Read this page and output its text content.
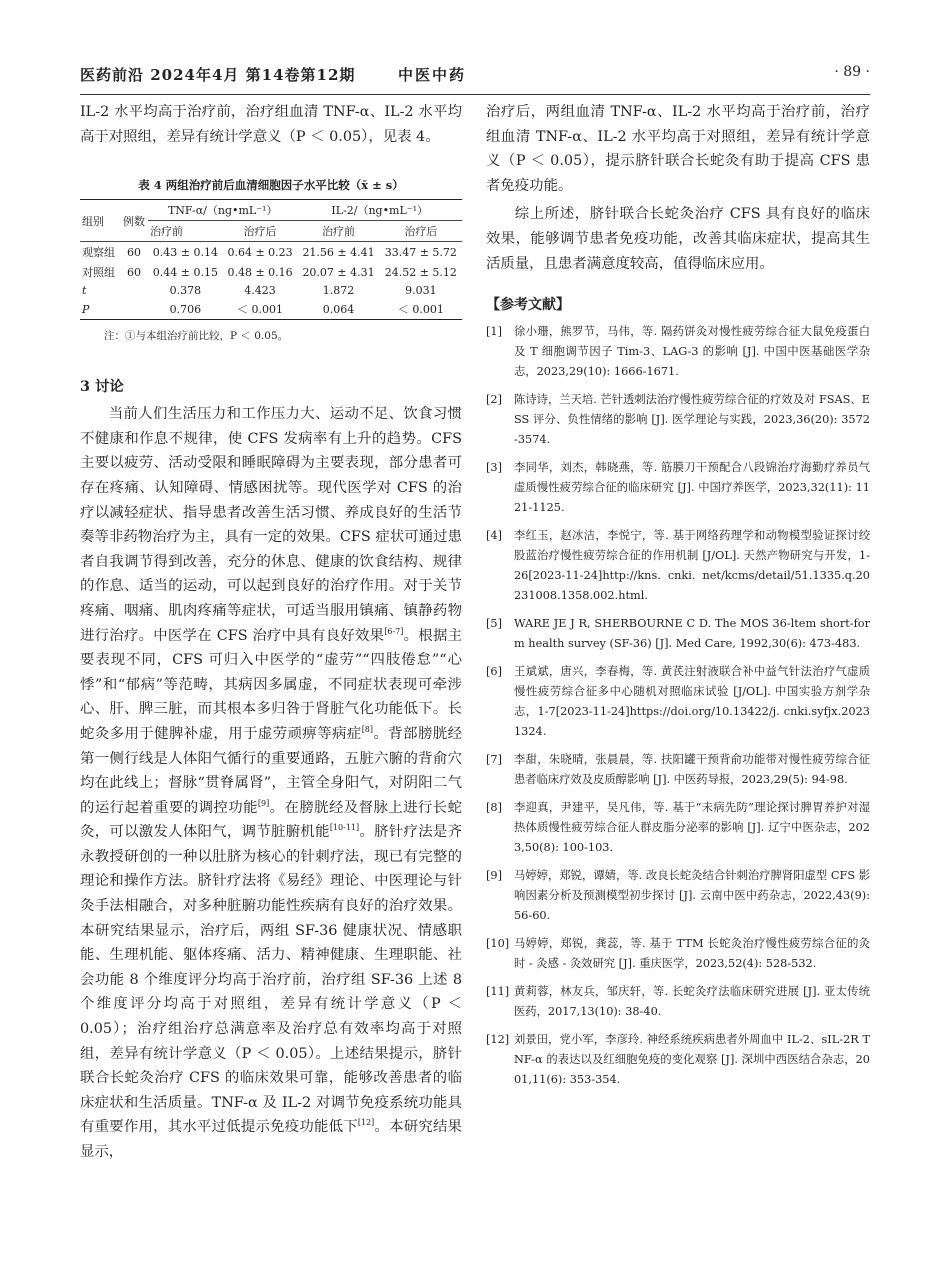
医药前沿 2024年4月 第14卷第12期	中医中药	· 89 ·

IL-2 水平均高于治疗前，治疗组血清 TNF-α、IL-2 水平均高于对照组，差异有统计学意义（P ＜ 0.05），见表 4。

表 4 两组治疗前后血清细胞因子水平比较（x̄ ± s）
组别	例数	TNF-α/（ng•mL⁻¹）		IL-2/（ng•mL⁻¹）	
		治疗前	治疗后	治疗前	治疗后
观察组	60	0.43 ± 0.14	0.64 ± 0.23	21.56 ± 4.41	33.47 ± 5.72
对照组	60	0.44 ± 0.15	0.48 ± 0.16	20.07 ± 4.31	24.52 ± 5.12
t		0.378	4.423	1.872	9.031
P		0.706	＜ 0.001	0.064	＜ 0.001
注：①与本组治疗前比较，P ＜ 0.05。
3 讨论

当前人们生活压力和工作压力大、运动不足、饮食习惯不健康和作息不规律，使 CFS 发病率有上升的趋势。CFS 主要以疲劳、活动受限和睡眠障碍为主要表现，部分患者可存在疼痛、认知障碍、情感困扰等。现代医学对 CFS 的治疗以减轻症状、指导患者改善生活习惯、养成良好的生活节奏等非药物治疗为主，具有一定的效果。CFS 症状可通过患者自我调节得到改善，充分的休息、健康的饮食结构、规律的作息、适当的运动，可以起到良好的治疗作用。对于关节疼痛、咽痛、肌肉疼痛等症状，可适当服用镇痛、镇静药物进行治疗。中医学在 CFS 治疗中具有良好效果[6-7]。根据主要表现不同，CFS 可归入中医学的“虚劳”“四肢倦怠”“心悸”和“郁病”等范畴，其病因多属虚，不同症状表现可牵涉心、肝、脾三脏，而其根本多归咎于肾脏气化功能低下。长蛇灸多用于健脾补虚，用于虚劳顽痹等病症[8]。背部膀胱经第一侧行线是人体阳气循行的重要通路，五脏六腑的背俞穴均在此线上；督脉“贯脊属肾”，主管全身阳气，对阴阳二气的运行起着重要的调控功能[9]。在膀胱经及督脉上进行长蛇灸，可以激发人体阳气，调节脏腑机能[10-11]。脐针疗法是齐永教授研创的一种以肚脐为核心的针刺疗法，现已有完整的理论和操作方法。脐针疗法将《易经》理论、中医理论与针灸手法相融合，对多种脏腑功能性疾病有良好的治疗效果。本研究结果显示，治疗后，两组 SF-36 健康状况、情感职能、生理机能、躯体疼痛、活力、精神健康、生理职能、社会功能 8 个维度评分均高于治疗前，治疗组 SF-36 上述 8 个维度评分均高于对照组，差异有统计学意义（P ＜ 0.05）；治疗组治疗总满意率及治疗总有效率均高于对照组，差异有统计学意义（P ＜ 0.05）。上述结果提示，脐针联合长蛇灸治疗 CFS 的临床效果可靠，能够改善患者的临床症状和生活质量。TNF-α 及 IL-2 对调节免疫系统功能具有重要作用，其水平过低提示免疫功能低下[12]。本研究结果显示，

治疗后，两组血清 TNF-α、IL-2 水平均高于治疗前，治疗组血清 TNF-α、IL-2 水平均高于对照组，差异有统计学意义（P ＜ 0.05），提示脐针联合长蛇灸有助于提高 CFS 患者免疫功能。

综上所述，脐针联合长蛇灸治疗 CFS 具有良好的临床效果，能够调节患者免疫功能，改善其临床症状，提高其生活质量，且患者满意度较高，值得临床应用。

【参考文献】
[1]	徐小珊，熊罗节，马伟，等. 隔药饼灸对慢性疲劳综合征大鼠免疫蛋白及 T 细胞调节因子 Tim-3、LAG-3 的影响 [J]. 中国中医基础医学杂志，2023,29(10): 1666-1671.
[2]	陈诗诗，兰天培. 芒针透刺法治疗慢性疲劳综合征的疗效及对 FSAS、ESS 评分、负性情绪的影响 [J]. 医学理论与实践，2023,36(20): 3572-3574.
[3]	李同华，刘杰，韩晓燕，等. 筋膜刀干预配合八段锦治疗海勤疗养员气虚质慢性疲劳综合征的临床研究 [J]. 中国疗养医学，2023,32(11): 1121-1125.
[4]	李红玉，赵冰洁，李悦宁，等. 基于网络药理学和动物模型验证探讨绞股蓝治疗慢性疲劳综合征的作用机制 [J/OL]. 天然产物研究与开发，1-26[2023-11-24]http://kns. cnki. net/kcms/detail/51.1335.q.20231008.1358.002.html.
[5]	WARE JE J R, SHERBOURNE C D. The MOS 36-ltem short-form health survey (SF-36) [J]. Med Care, 1992,30(6): 473-483.
[6]	王斌斌，唐兴，李春梅，等. 黄芪注射液联合补中益气针法治疗气虚质慢性疲劳综合征多中心随机对照临床试验 [J/OL]. 中国实验方剂学杂志，1-7[2023-11-24]https://doi.org/10.13422/j. cnki.syfjx.20231324.
[7]	李甜，朱晓晴，张晨晨，等. 扶阳罐干预背俞功能带对慢性疲劳综合征患者临床疗效及皮质醇影响 [J]. 中医药导报，2023,29(5): 94-98.
[8]	李迎真，尹建平，吴凡伟，等. 基于“未病先防”理论探讨脾胃养护对湿热体质慢性疲劳综合征人群皮脂分泌率的影响 [J]. 辽宁中医杂志，2023,50(8): 100-103.
[9]	马婷婷，郑锐，谭婧，等. 改良长蛇灸结合针刺治疗脾肾阳虚型 CFS 影响因素分析及预测模型初步探讨 [J]. 云南中医中药杂志，2022,43(9): 56-60.
[10] 马婷婷，郑锐，龚蕊，等. 基于 TTM 长蛇灸治疗慢性疲劳综合征的灸时 - 灸感 - 灸效研究 [J]. 重庆医学，2023,52(4): 528-532.
[11] 黄莉蓉，林友兵，邹庆轩，等. 长蛇灸疗法临床研究进展 [J]. 亚太传统医药，2017,13(10): 38-40.
[12] 刘景田，党小军，李彦玲. 神经系统疾病患者外周血中 IL-2、sIL-2R TNF-α 的表达以及红细胞免疫的变化观察 [J]. 深圳中西医结合杂志，2001,11(6): 353-354.
